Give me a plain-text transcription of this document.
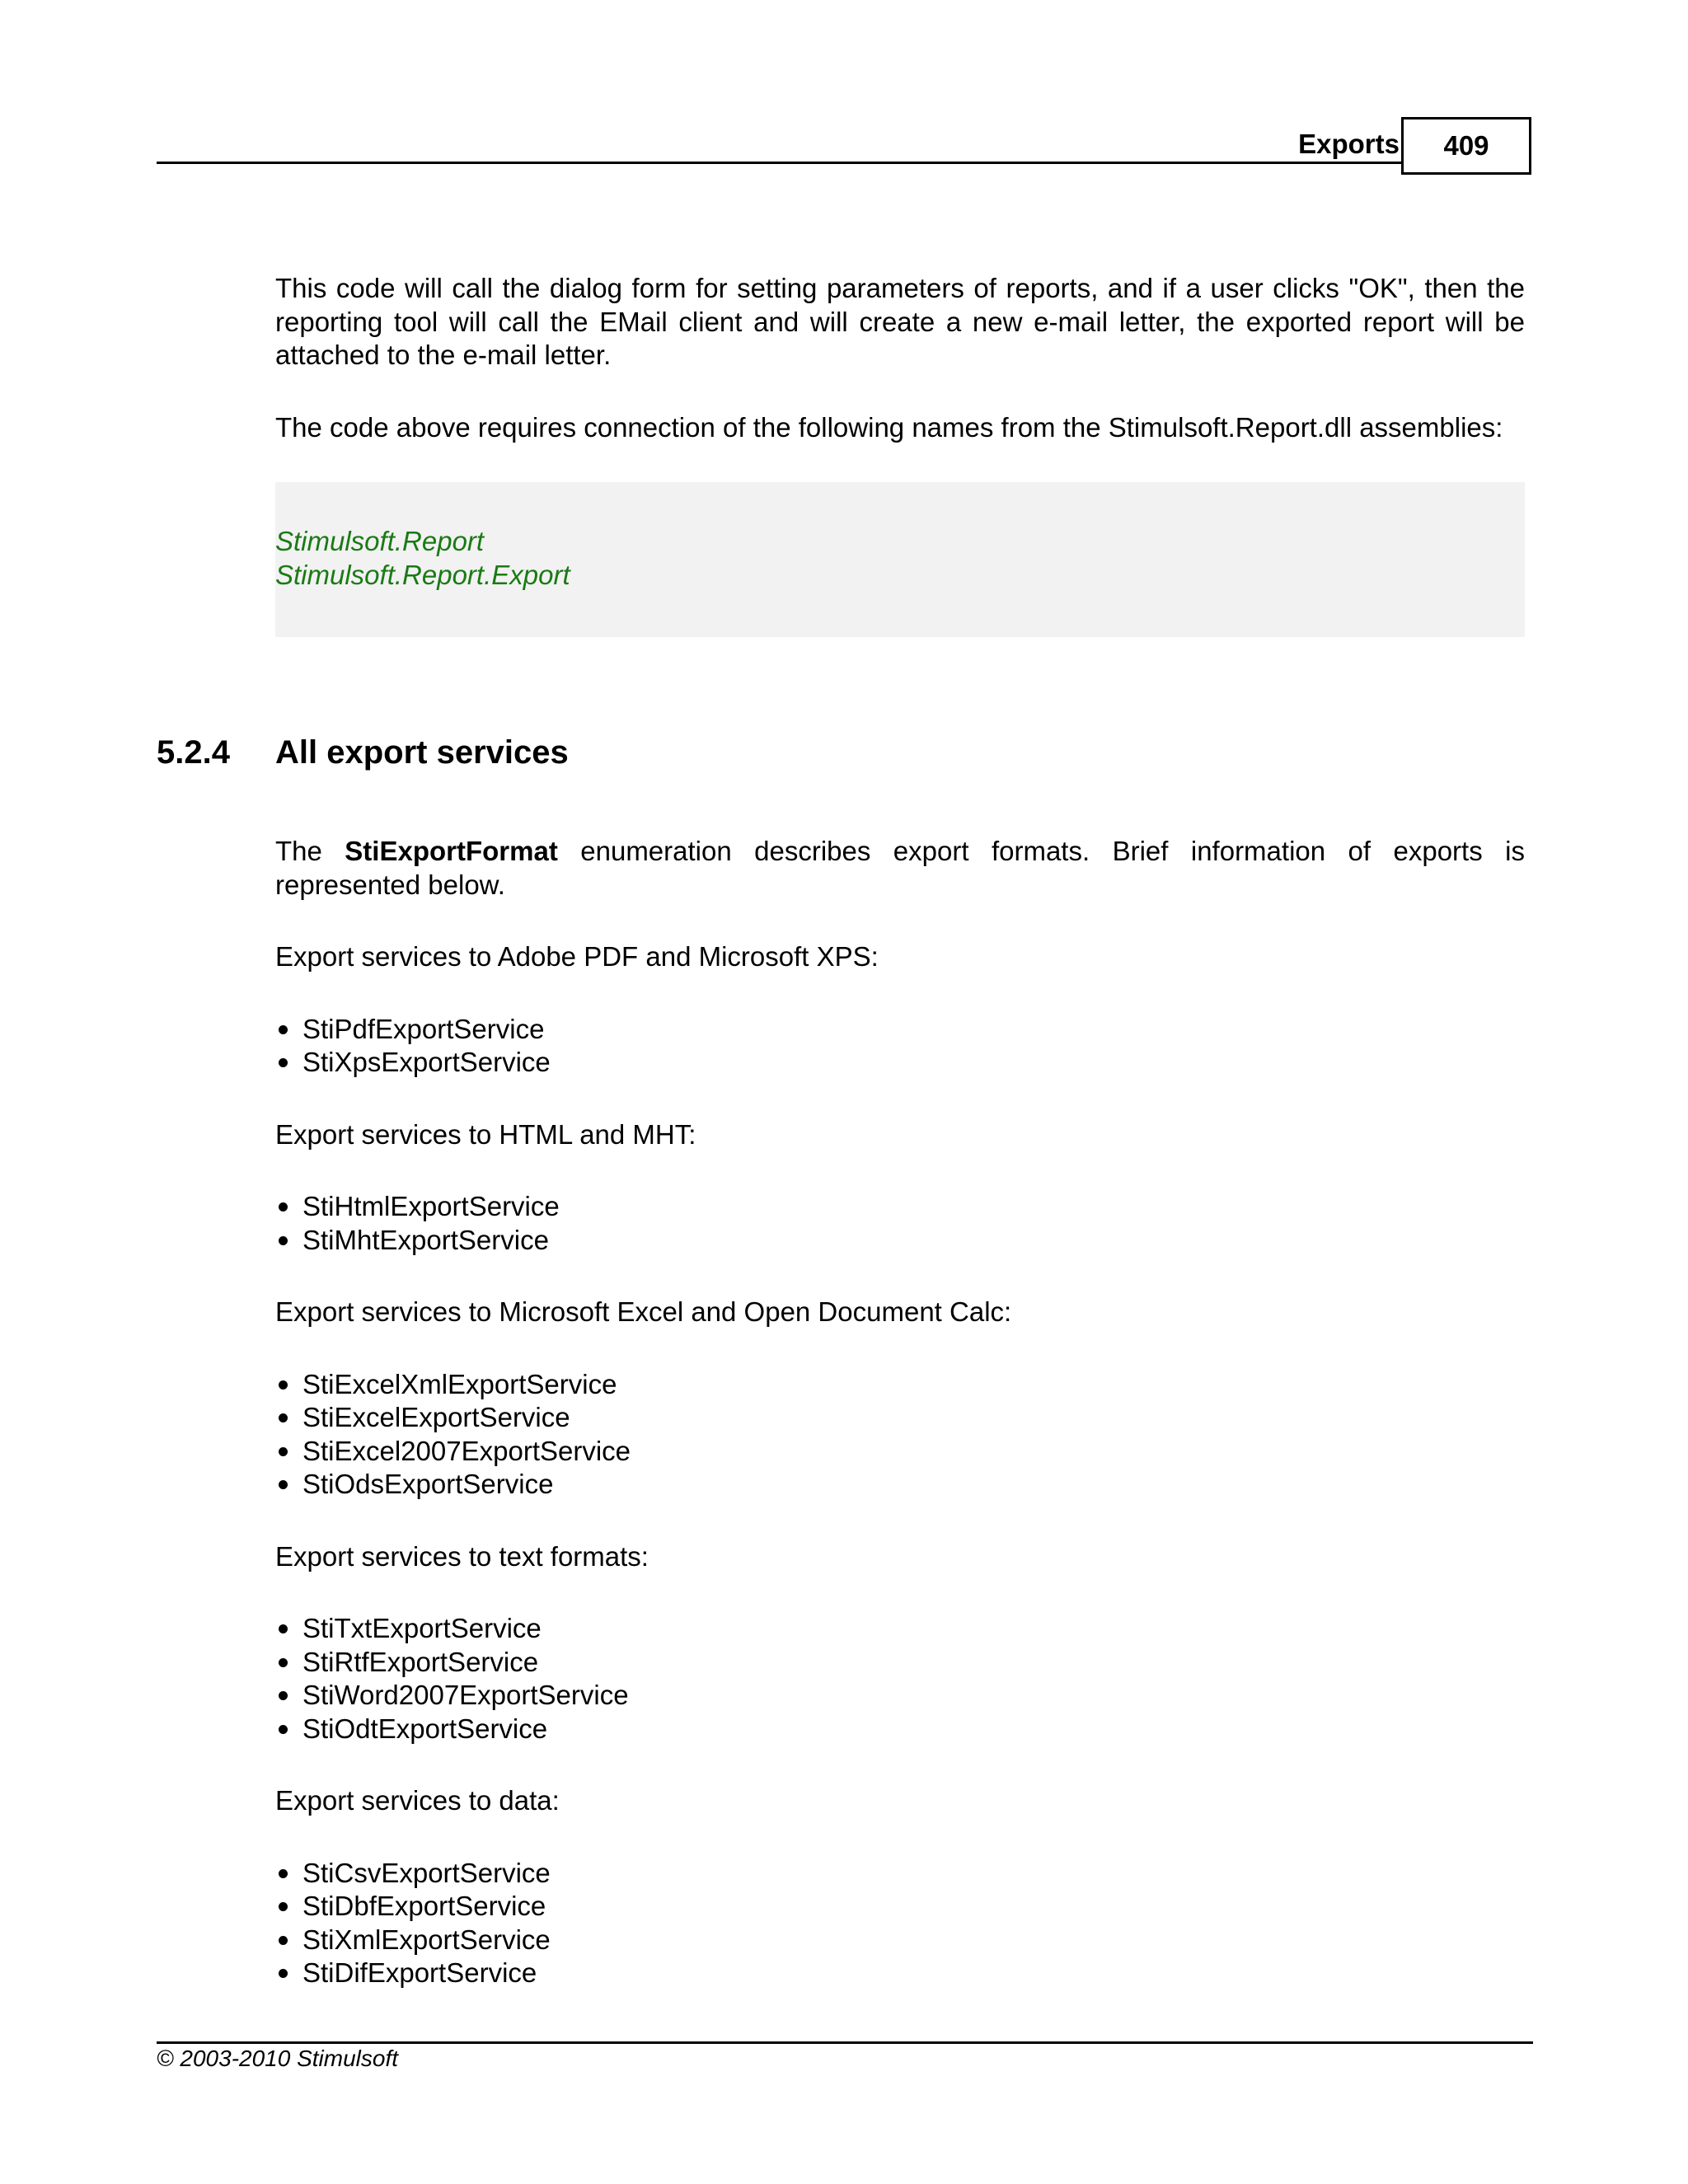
Exports 409

This code will call the dialog form for setting parameters of reports, and if a user clicks "OK", then the reporting tool will call the EMail client and will create a new e-mail letter, the exported report will be attached to the e-mail letter.

The code above requires connection of the following names from the Stimulsoft.Report.dll assemblies:

Stimulsoft.Report
Stimulsoft.Report.Export
5.2.4 All export services

The StiExportFormat enumeration describes export formats. Brief information of exports is represented below.

Export services to Adobe PDF and Microsoft XPS:

StiPdfExportService
StiXpsExportService

Export services to HTML and MHT:

StiHtmlExportService
StiMhtExportService

Export services to Microsoft Excel and Open Document Calc:

StiExcelXmlExportService
StiExcelExportService
StiExcel2007ExportService
StiOdsExportService

Export services to text formats:

StiTxtExportService
StiRtfExportService
StiWord2007ExportService
StiOdtExportService

Export services to data:

StiCsvExportService
StiDbfExportService
StiXmlExportService
StiDifExportService
© 2003-2010 Stimulsoft
